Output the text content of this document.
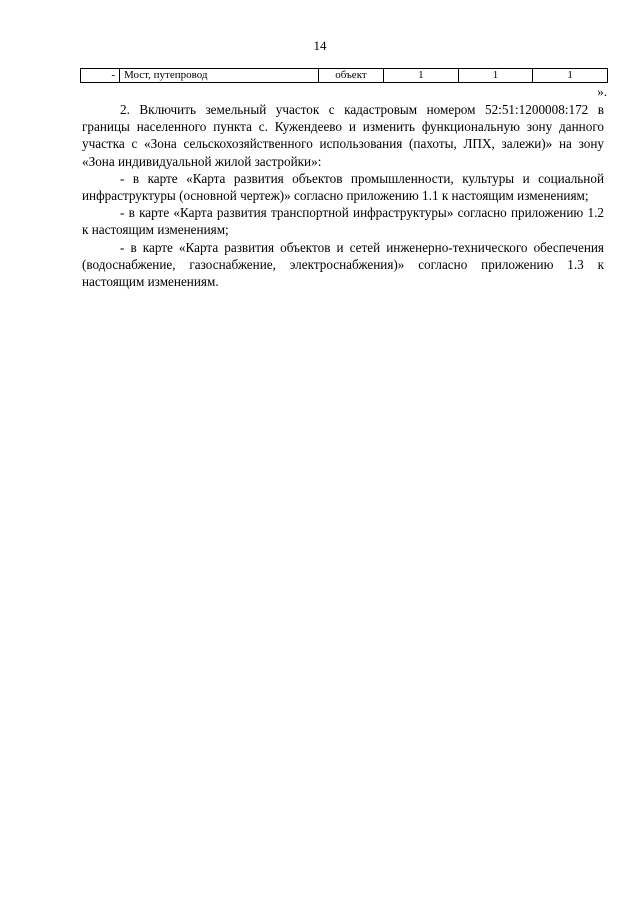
14
-	Мост, путепровод	объект	1	1	1
».

2. Включить земельный участок с кадастровым номером 52:51:1200008:172 в границы населенного пункта с. Кужендеево и изменить функциональную зону данного участка с «Зона сельскохозяйственного использования (пахоты, ЛПХ, залежи)» на зону «Зона индивидуальной жилой застройки»:

- в карте «Карта развития объектов промышленности, культуры и социальной инфраструктуры (основной чертеж)» согласно приложению 1.1 к настоящим изменениям;

- в карте «Карта развития транспортной инфраструктуры» согласно приложению 1.2 к настоящим изменениям;

- в карте «Карта развития объектов и сетей инженерно-технического обеспечения (водоснабжение, газоснабжение, электроснабжения)» согласно приложению 1.3 к настоящим изменениям.
